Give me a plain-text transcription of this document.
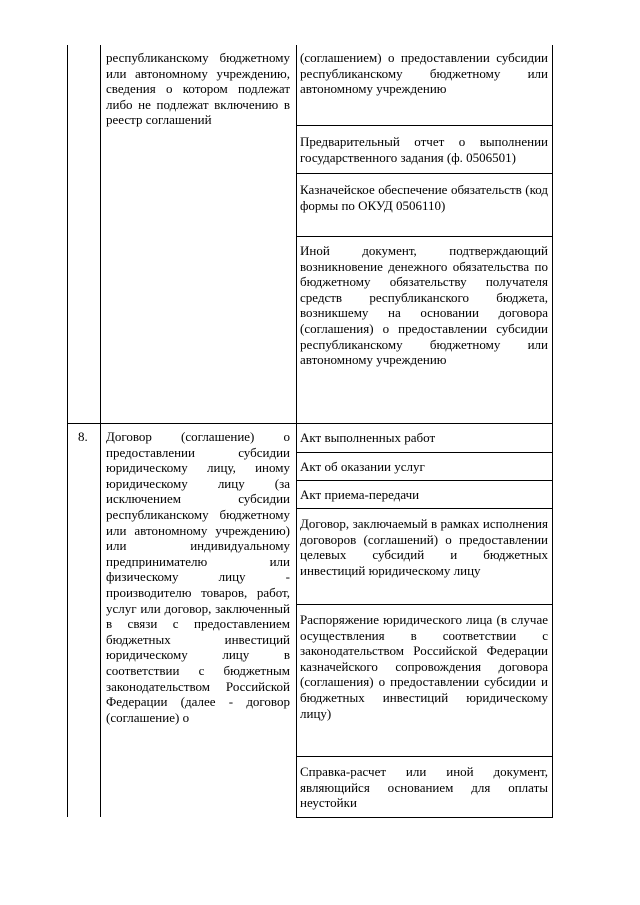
республиканскому бюджетному или автономному учреждению, сведения о котором подлежат либо не подлежат включению в реестр соглашений
(соглашением) о предоставлении субсидии республиканскому бюджетному или автономному учреждению
Предварительный отчет о выполнении государственного задания (ф. 0506501)
Казначейское обеспечение обязательств (код формы по ОКУД 0506110)
Иной документ, подтверждающий возникновение денежного обязательства по бюджетному обязательству получателя средств республиканского бюджета, возникшему на основании договора (соглашения) о предоставлении субсидии республиканскому бюджетному или автономному учреждению
8. Договор (соглашение) о предоставлении субсидии юридическому лицу, иному юридическому лицу (за исключением субсидии республиканскому бюджетному или автономному учреждению) или индивидуальному предпринимателю или физическому лицу - производителю товаров, работ, услуг или договор, заключенный в связи с предоставлением бюджетных инвестиций юридическому лицу в соответствии с бюджетным законодательством Российской Федерации (далее - договор (соглашение) о
Акт выполненных работ
Акт об оказании услуг
Акт приема-передачи
Договор, заключаемый в рамках исполнения договоров (соглашений) о предоставлении целевых субсидий и бюджетных инвестиций юридическому лицу
Распоряжение юридического лица (в случае осуществления в соответствии с законодательством Российской Федерации казначейского сопровождения договора (соглашения) о предоставлении субсидии и бюджетных инвестиций юридическому лицу)
Справка-расчет или иной документ, являющийся основанием для оплаты неустойки
